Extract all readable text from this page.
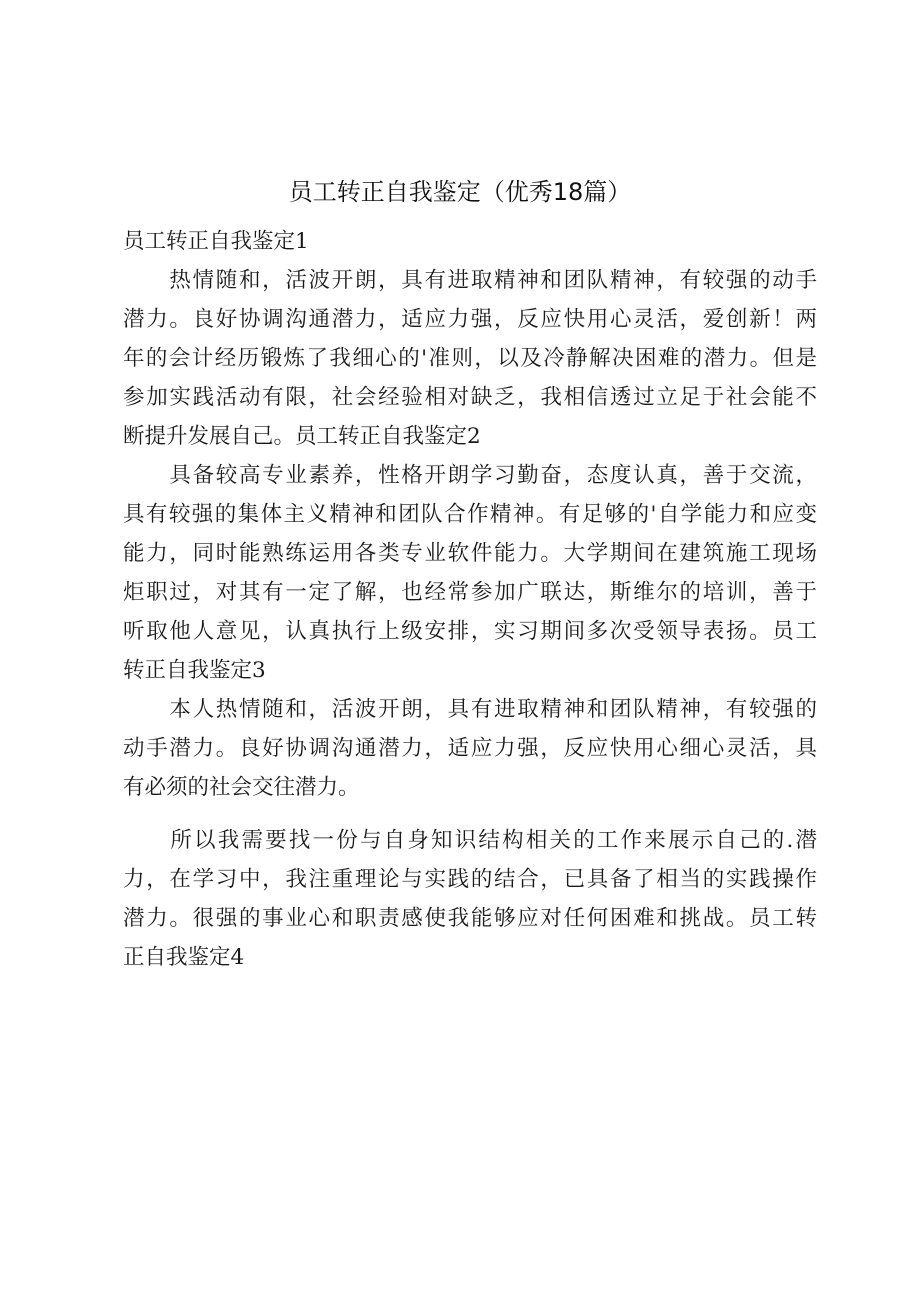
员工转正自我鉴定（优秀18篇）
员工转正自我鉴定1

　　热情随和，活波开朗，具有进取精神和团队精神，有较强的动手
潜力。良好协调沟通潜力，适应力强，反应快用心灵活，爱创新！两
年的会计经历锻炼了我细心的'准则，以及冷静解决困难的潜力。但是
参加实践活动有限，社会经验相对缺乏，我相信透过立足于社会能不
断提升发展自己。员工转正自我鉴定2

　　具备较高专业素养，性格开朗学习勤奋，态度认真，善于交流，
具有较强的集体主义精神和团队合作精神。有足够的'自学能力和应变
能力，同时能熟练运用各类专业软件能力。大学期间在建筑施工现场
炬职过，对其有一定了解，也经常参加广联达，斯维尔的培训，善于
听取他人意见，认真执行上级安排，实习期间多次受领导表扬。员工
转正自我鉴定3

　　本人热情随和，活波开朗，具有进取精神和团队精神，有较强的
动手潜力。良好协调沟通潜力，适应力强，反应快用心细心灵活，具
有必须的社会交往潜力。

　　所以我需要找一份与自身知识结构相关的工作来展示自己的.潜
力，在学习中，我注重理论与实践的结合，已具备了相当的实践操作
潜力。很强的事业心和职责感使我能够应对任何困难和挑战。员工转
正自我鉴定4
